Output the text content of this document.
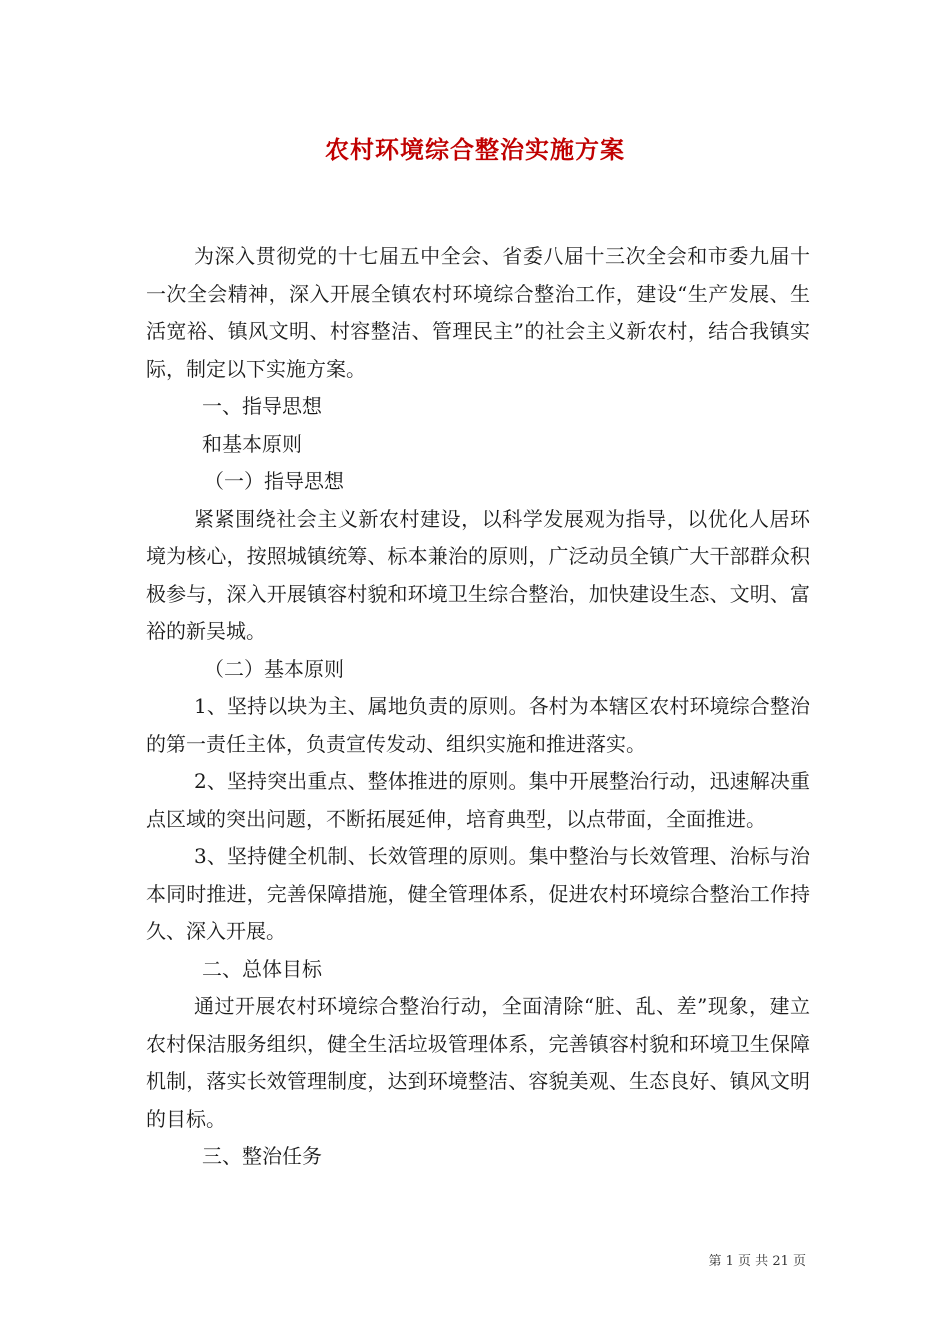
农村环境综合整治实施方案

为深入贯彻党的十七届五中全会、省委八届十三次全会和市委九届十一次全会精神，深入开展全镇农村环境综合整治工作，建设“生产发展、生活宽裕、镇风文明、村容整洁、管理民主”的社会主义新农村，结合我镇实际，制定以下实施方案。

一、指导思想

和基本原则

（一）指导思想

紧紧围绕社会主义新农村建设，以科学发展观为指导，以优化人居环境为核心，按照城镇统筹、标本兼治的原则，广泛动员全镇广大干部群众积极参与，深入开展镇容村貌和环境卫生综合整治，加快建设生态、文明、富裕的新吴城。

（二）基本原则

1、坚持以块为主、属地负责的原则。各村为本辖区农村环境综合整治的第一责任主体，负责宣传发动、组织实施和推进落实。

2、坚持突出重点、整体推进的原则。集中开展整治行动，迅速解决重点区域的突出问题，不断拓展延伸，培育典型，以点带面，全面推进。

3、坚持健全机制、长效管理的原则。集中整治与长效管理、治标与治本同时推进，完善保障措施，健全管理体系，促进农村环境综合整治工作持久、深入开展。

二、总体目标

通过开展农村环境综合整治行动，全面清除“脏、乱、差”现象，建立农村保洁服务组织，健全生活垃圾管理体系，完善镇容村貌和环境卫生保障机制，落实长效管理制度，达到环境整洁、容貌美观、生态良好、镇风文明的目标。

三、整治任务

第 1 页 共 21 页
